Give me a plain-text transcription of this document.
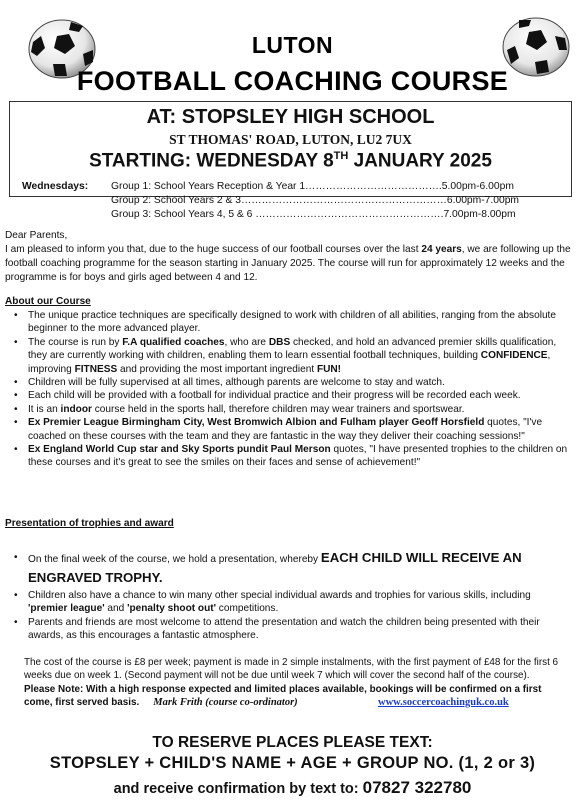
LUTON
FOOTBALL COACHING COURSE
AT: STOPSLEY HIGH SCHOOL
ST THOMAS' ROAD, LUTON, LU2 7UX
STARTING: WEDNESDAY 8TH JANUARY 2025
Wednesdays: Group 1: School Years Reception & Year 1………………………………….5.00pm-6.00pm
Group 2: School Years 2 & 3……………………………………………………6.00pm-7.00pm
Group 3: School Years 4, 5 & 6 ……………………………………………….7.00pm-8.00pm
Dear Parents,
I am pleased to inform you that, due to the huge success of our football courses over the last 24 years, we are following up the football coaching programme for the season starting in January 2025. The course will run for approximately 12 weeks and the programme is for boys and girls aged between 4 and 12.
About our Course
• The unique practice techniques are specifically designed to work with children of all abilities, ranging from the absolute beginner to the more advanced player.
• The course is run by F.A qualified coaches, who are DBS checked, and hold an advanced premier skills qualification, they are currently working with children, enabling them to learn essential football techniques, building CONFIDENCE, improving FITNESS and providing the most important ingredient FUN!
• Children will be fully supervised at all times, although parents are welcome to stay and watch.
• Each child will be provided with a football for individual practice and their progress will be recorded each week.
• It is an indoor course held in the sports hall, therefore children may wear trainers and sportswear.
• Ex Premier League Birmingham City, West Bromwich Albion and Fulham player Geoff Horsfield quotes, "I've coached on these courses with the team and they are fantastic in the way they deliver their coaching sessions!"
• Ex England World Cup star and Sky Sports pundit Paul Merson quotes, "I have presented trophies to the children on these courses and it's great to see the smiles on their faces and sense of achievement!"
Presentation of trophies and award
• On the final week of the course, we hold a presentation, whereby EACH CHILD WILL RECEIVE AN ENGRAVED TROPHY.
• Children also have a chance to win many other special individual awards and trophies for various skills, including 'premier league' and 'penalty shoot out' competitions.
• Parents and friends are most welcome to attend the presentation and watch the children being presented with their awards, as this encourages a fantastic atmosphere.
The cost of the course is £8 per week; payment is made in 2 simple instalments, with the first payment of £48 for the first 6 weeks due on week 1. (Second payment will not be due until week 7 which will cover the second half of the course). Please Note: With a high response expected and limited places available, bookings will be confirmed on a first come, first served basis. Mark Frith (course co-ordinator)	www.soccercoachinguk.co.uk
TO RESERVE PLACES PLEASE TEXT:
STOPSLEY + CHILD'S NAME + AGE + GROUP NO. (1, 2 or 3)
and receive confirmation by text to: 07827 322780
